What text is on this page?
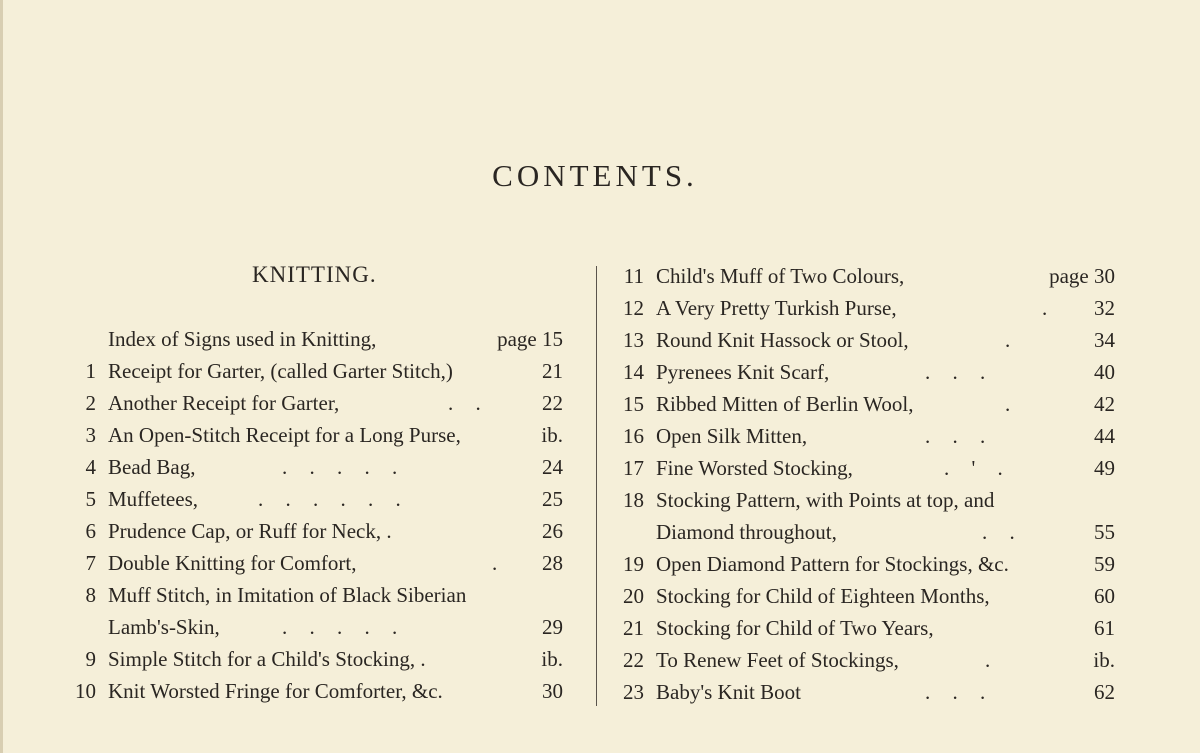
CONTENTS.
KNITTING.
Index of Signs used in Knitting,	page 15
1 Receipt for Garter, (called Garter Stitch,)	21
2 Another Receipt for Garter,	. .	22
3 An Open-Stitch Receipt for a Long Purse,	ib.
4 Bead Bag,	. . . . .	24
5 Muffetees,	. . . . . .	25
6 Prudence Cap, or Ruff for Neck, .	26
7 Double Knitting for Comfort,	.	28
8 Muff Stitch, in Imitation of Black Siberian
Lamb's-Skin,	. . . . .	29
9 Simple Stitch for a Child's Stocking, .	ib.
10 Knit Worsted Fringe for Comforter, &c.	30
11 Child's Muff of Two Colours,	page 30
12 A Very Pretty Turkish Purse,	.	32
13 Round Knit Hassock or Stool,	.	34
14 Pyrenees Knit Scarf,	. . .	40
15 Ribbed Mitten of Berlin Wool,	.	42
16 Open Silk Mitten,	. . .	44
17 Fine Worsted Stocking,	. ' .	49
18 Stocking Pattern, with Points at top, and
Diamond throughout,	. .	55
19 Open Diamond Pattern for Stockings, &c.	59
20 Stocking for Child of Eighteen Months,	60
21 Stocking for Child of Two Years,	61
22 To Renew Feet of Stockings,	.	ib.
23 Baby's Knit Boot	. . .	62
